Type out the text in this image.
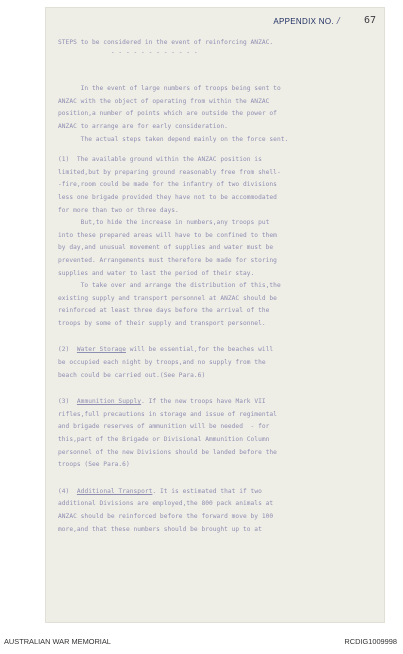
APPENDIX NO. / 67

STEPS to be considered in the event of reinforcing ANZAC.
- - - - - - - - - - - -

In the event of large numbers of troops being sent to

ANZAC with the object of operating from within the ANZAC

position,a number of points which are outside the power of

ANZAC to arrange are for early consideration.

The actual steps taken depend mainly on the force sent.

(1)  The available ground within the ANZAC position is

limited,but by preparing ground reasonably free from shell-

-fire,room could be made for the infantry of two divisions

less one brigade provided they have not to be accommodated

for more than two or three days.

But,to hide the increase in numbers,any troops put

into these prepared areas will have to be confined to them

by day,and unusual movement of supplies and water must be

prevented. Arrangements must therefore be made for storing

supplies and water to last the period of their stay.

To take over and arrange the distribution of this,the

existing supply and transport personnel at ANZAC should be

reinforced at least three days before the arrival of the

troops by some of their supply and transport personnel.

(2)  Water Storage will be essential,for the beaches will

be occupied each night by troops,and no supply from the

beach could be carried out.(See Para.6)

(3)  Ammunition Supply. If the new troops have Mark VII

rifles,full precautions in storage and issue of regimental

and brigade reserves of ammunition will be needed  - for

this,part of the Brigade or Divisional Ammunition Column

personnel of the new Divisions should be landed before the

troops (See Para.6)

(4)  Additional Transport. It is estimated that if two

additional Divisions are employed,the 800 pack animals at

ANZAC should be reinforced before the forward move by 100

more,and that these numbers should be brought up to at

AUSTRALIAN WAR MEMORIAL	RCDIG1009998
